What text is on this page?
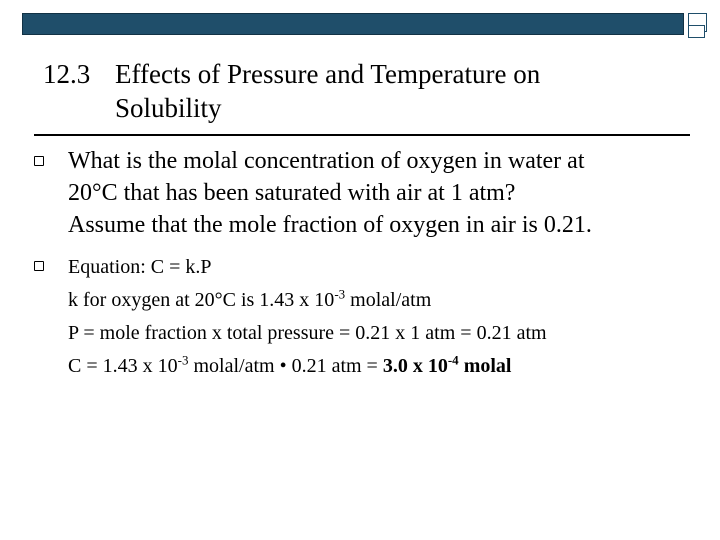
12.3 Effects of Pressure and Temperature on
Solubility
What is the molal concentration of oxygen in water at
20°C that has been saturated with air at 1 atm?
Assume that the mole fraction of oxygen in air is 0.21.
Equation: C = k.P
k for oxygen at 20°C is 1.43 x $10^{-3}$ molal/atm
P = mole fraction x total pressure = 0.21 x 1 atm = 0.21 atm
C = 1.43 x $10^{-3}$ molal/atm • 0.21 atm = 3.0 x $10^{-4}$ molal
